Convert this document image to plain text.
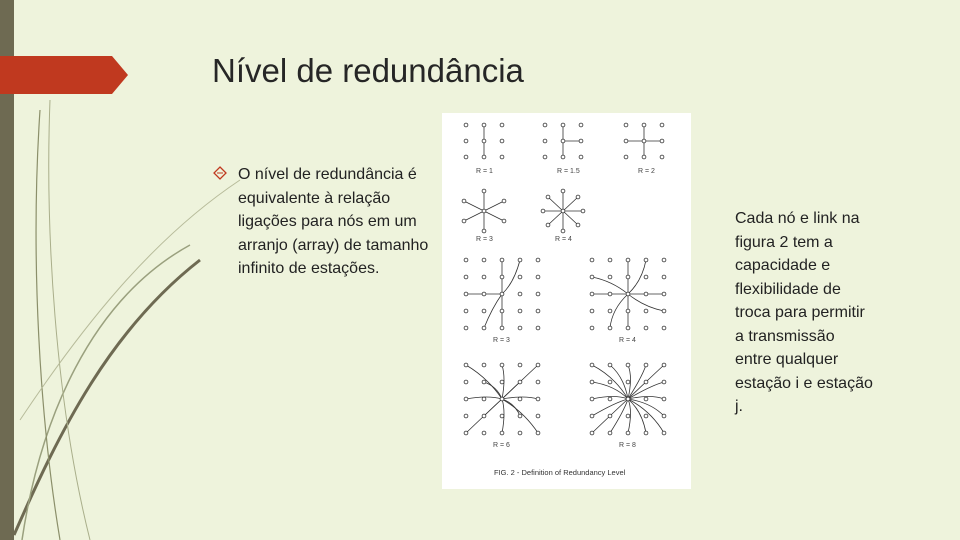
Nível de redundância
O nível de redundância é equivalente à relação ligações para nós em um arranjo (array) de tamanho infinito de estações.
R = 1	R = 1.5	R = 2
R = 3	R = 4
R = 3	R = 4
R = 6	R = 8
FIG. 2 - Definition of Redundancy Level
Cada nó e link na figura 2 tem a capacidade e flexibilidade de troca para permitir a transmissão entre qualquer estação i e estação j.
